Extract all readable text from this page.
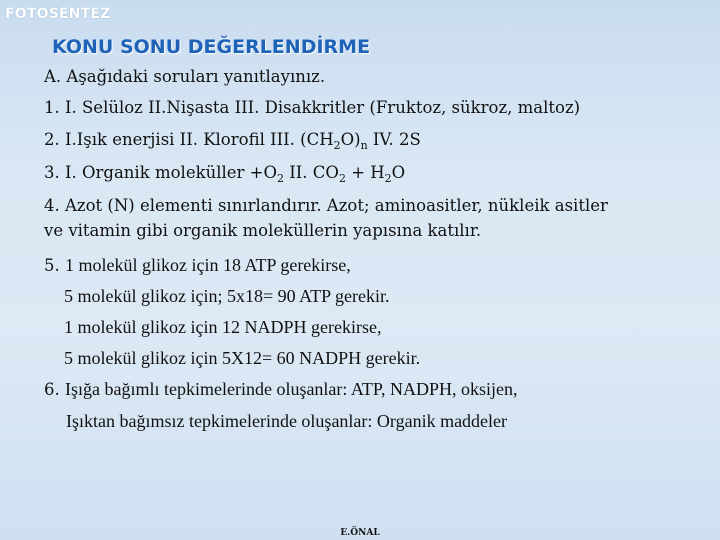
FOTOSENTEZ
KONU SONU DEĞERLENDİRME
A. Aşağıdaki soruları yanıtlayınız.
1. I. Selüloz II.Nişasta III. Disakkritler (Fruktoz, sükroz, maltoz)
2. I.Işık enerjisi II. Klorofil III. $(CH_2O)_n$ IV. 2S
3. I. Organik moleküller $+O_2$ II. $CO_2 + H_2O$
4. Azot (N) elementi sınırlandırır. Azot; aminoasitler, nükleik asitler
ve vitamin gibi organik moleküllerin yapısına katılır.
5. 1 molekül glikoz için 18 ATP gerekirse,
5 molekül glikoz için; 5x18= 90 ATP gerekir.
1 molekül glikoz için 12 NADPH gerekirse,
5 molekül glikoz için 5X12= 60 NADPH gerekir.
6. Işığa bağımlı tepkimelerinde oluşanlar: ATP, NADPH, oksijen,
Işıktan bağımsız tepkimelerinde oluşanlar: Organik maddeler
E.ÖNAL
